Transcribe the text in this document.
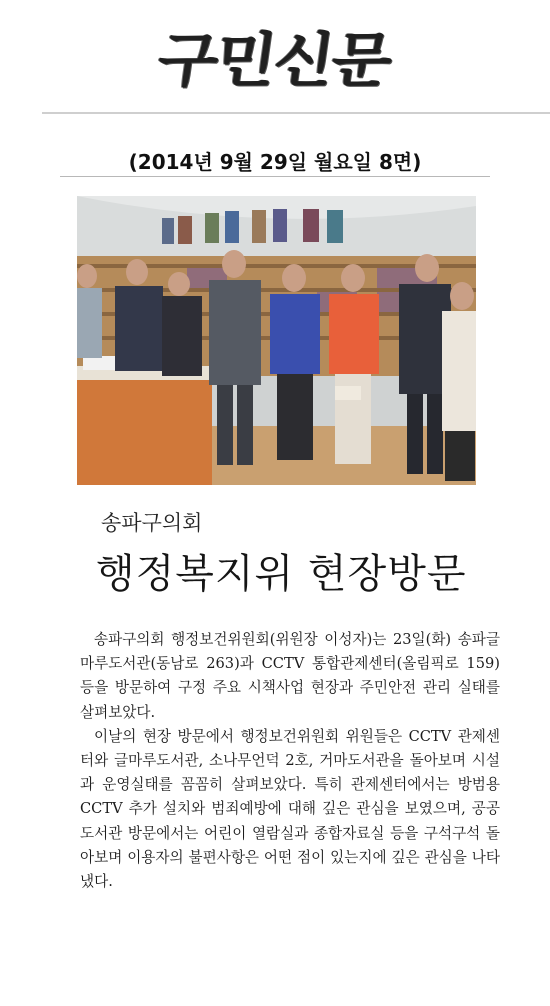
구민신문
(2014년 9월 29일 월요일 8면)
송파구의회
행정복지위 현장방문

송파구의회 행정보건위원회(위원장 이성자)는 23일(화) 송파글마루도서관(동남로 263)과 CCTV 통합관제센터(올림픽로 159) 등을 방문하여 구정 주요 시책사업 현장과 주민안전 관리 실태를 살펴보았다.

이날의 현장 방문에서 행정보건위원회 위원들은 CCTV 관제센터와 글마루도서관, 소나무언덕 2호, 거마도서관을 돌아보며 시설과 운영실태를 꼼꼼히 살펴보았다. 특히 관제센터에서는 방범용 CCTV 추가 설치와 범죄예방에 대해 깊은 관심을 보였으며, 공공도서관 방문에서는 어린이 열람실과 종합자료실 등을 구석구석 돌아보며 이용자의 불편사항은 어떤 점이 있는지에 깊은 관심을 나타냈다.
